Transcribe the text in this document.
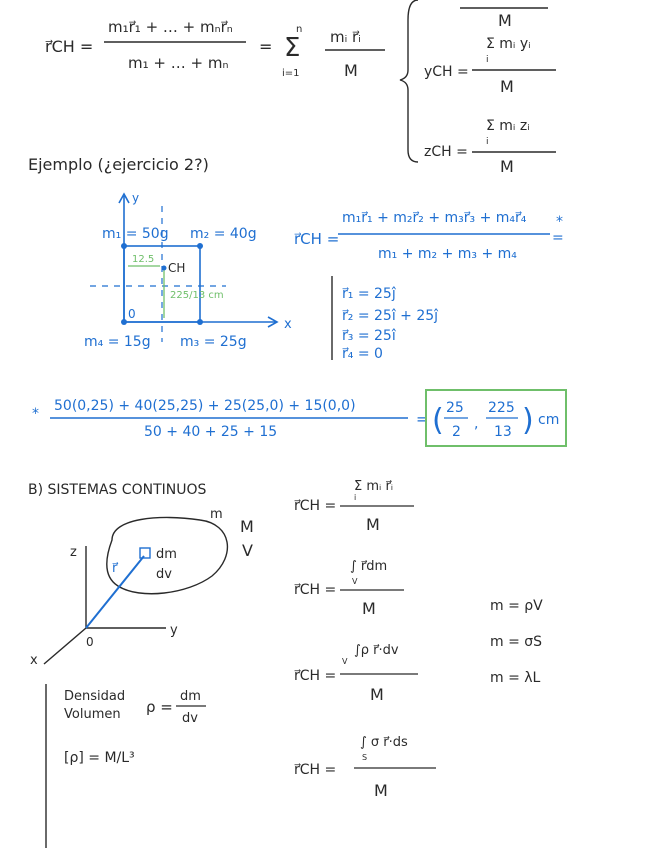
r⃗CH =
m₁r⃗₁ + … + mₙr⃗ₙ
m₁ + … + mₙ
= Σ
n
i=1
mᵢ r⃗ᵢ
M
M
yCH =
Σ mᵢ yᵢ
i
M
zCH =
Σ mᵢ zᵢ
i
M
Ejemplo (¿ejercicio 2?)
y
x
0
12.5
225/13 cm
CH
m₁ = 50g m₂ = 40g
m₄ = 15g m₃ = 25g
r⃗CH =
m₁r⃗₁ + m₂r⃗₂ + m₃r⃗₃ + m₄r⃗₄ *
=
m₁ + m₂ + m₃ + m₄
r⃗₁ = 25ĵ
r⃗₂ = 25î + 25ĵ
r⃗₃ = 25î
r⃗₄ = 0
* 50(0,25) + 40(25,25) + 25(25,0) + 15(0,0)
50 + 40 + 25 + 15
= ( 25
2 ,
225
13 ) cm
B) SISTEMAS CONTINUOS
z
y
x
0
r⃗
dm
dv
m
M
V
r⃗CH =
Σ mᵢ r⃗ᵢ
i
M
r⃗CH =
∫ r⃗dm
V
M
r⃗CH =
∫ρ r⃗·dv
V
M
r⃗CH =
∫ σ r⃗·ds
S
M
m = ρV
m = σS
m = λL
Densidad
Volumen ρ =
dm
dv
[ρ] = M/L³
